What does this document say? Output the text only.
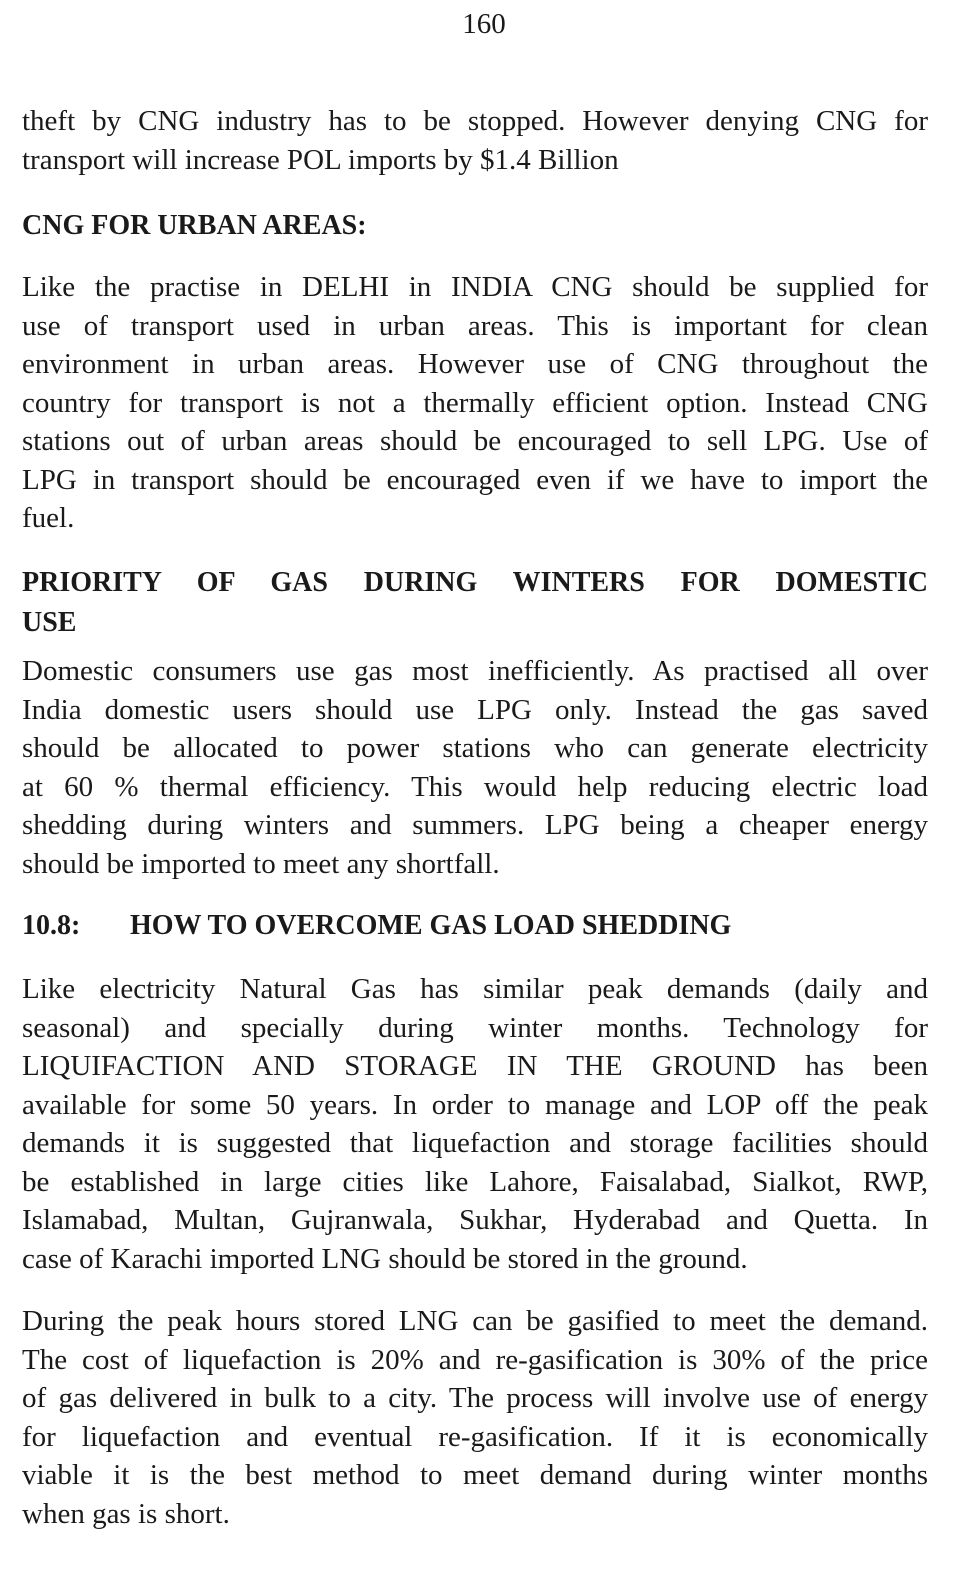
160
theft by CNG industry has to be stopped. However denying CNG for
transport will increase POL imports by $1.4 Billion
CNG FOR URBAN AREAS:
Like the practise in DELHI in INDIA CNG should be supplied for
use of transport used in urban areas. This is important for clean
environment in urban areas. However use of CNG throughout the
country for transport is not a thermally efficient option. Instead CNG
stations out of urban areas should be encouraged to sell LPG. Use of
LPG in transport should be encouraged even if we have to import the
fuel.
PRIORITY OF GAS DURING WINTERS FOR DOMESTIC
USE
Domestic consumers use gas most inefficiently. As practised all over
India domestic users should use LPG only. Instead the gas saved
should be allocated to power stations who can generate electricity
at 60 % thermal efficiency. This would help reducing electric load
shedding during winters and summers. LPG being a cheaper energy
should be imported to meet any shortfall.
10.8: HOW TO OVERCOME GAS LOAD SHEDDING
Like electricity Natural Gas has similar peak demands (daily and
seasonal) and specially during winter months. Technology for
LIQUIFACTION AND STORAGE IN THE GROUND has been
available for some 50 years. In order to manage and LOP off the peak
demands it is suggested that liquefaction and storage facilities should
be established in large cities like Lahore, Faisalabad, Sialkot, RWP,
Islamabad, Multan, Gujranwala, Sukhar, Hyderabad and Quetta. In
case of Karachi imported LNG should be stored in the ground.
During the peak hours stored LNG can be gasified to meet the demand.
The cost of liquefaction is 20% and re-gasification is 30% of the price
of gas delivered in bulk to a city. The process will involve use of energy
for liquefaction and eventual re-gasification. If it is economically
viable it is the best method to meet demand during winter months
when gas is short.
